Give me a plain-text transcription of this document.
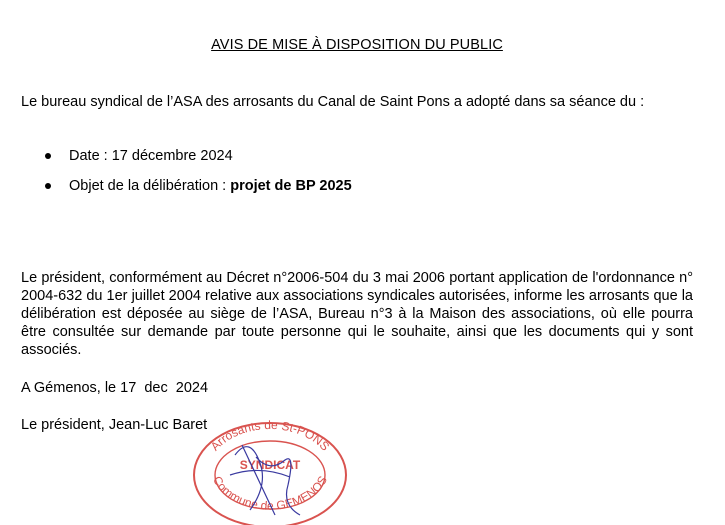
AVIS DE MISE À DISPOSITION DU PUBLIC
Le bureau syndical de l’ASA des arrosants du Canal de Saint Pons a adopté dans sa séance du :
Date : 17 décembre 2024
Objet de la délibération : projet de BP 2025
Le président, conformément au Décret n°2006-504 du 3 mai 2006 portant application de l'ordonnance n° 2004-632 du 1er juillet 2004 relative aux associations syndicales autorisées, informe les arrosants que la délibération est déposée au siège de l’ASA, Bureau n°3 à la Maison des associations, où elle pourra être consultée sur demande par toute personne qui le souhaite, ainsi que les documents qui y sont associés.
A Gémenos, le 17  dec  2024
Le président, Jean-Luc Baret
Arrosants de St-PONS
SYNDICAT
Commune de GEMENOS
